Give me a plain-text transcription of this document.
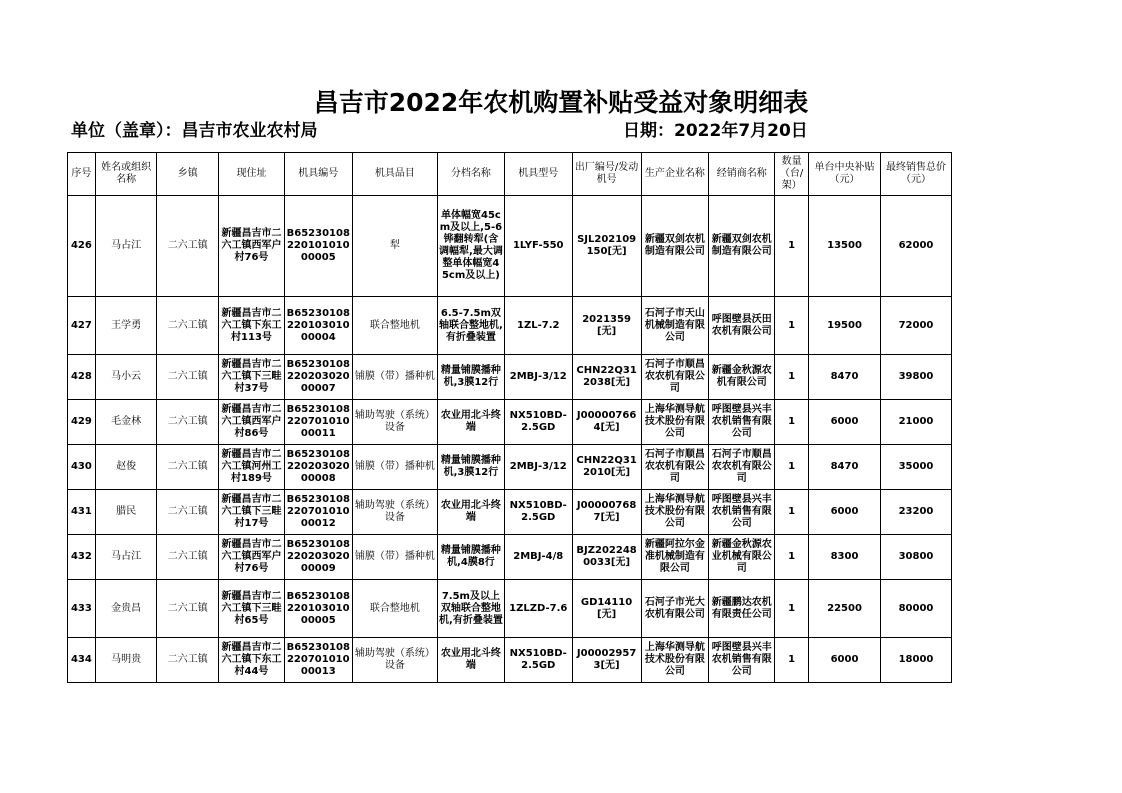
昌吉市2022年农机购置补贴受益对象明细表
单位（盖章）：昌吉市农业农村局	日期：2022年7月20日
序号	姓名或组织名称	乡镇	现住址	机具编号	机具品目	分档名称	机具型号	出厂编号/发动机号	生产企业名称	经销商名称	数量（台/架）	单台中央补贴（元）	最终销售总价（元）
426	马占江	二六工镇	新疆昌吉市二六工镇西军户村76号	B6523010822010101000005	犁	单体幅宽45cm及以上,5-6铧翻转犁(含调幅犁,最大调整单体幅宽45cm及以上)	1LYF-550	SJL202109150[无]	新疆双剑农机制造有限公司	新疆双剑农机制造有限公司	1	13500	62000
427	王学勇	二六工镇	新疆昌吉市二六工镇下东工村113号	B6523010822010301000004	联合整地机	6.5-7.5m双轴联合整地机,有折叠装置	1ZL-7.2	2021359[无]	石河子市天山机械制造有限公司	呼图壁县沃田农机有限公司	1	19500	72000
428	马小云	二六工镇	新疆昌吉市二六工镇下三畦村37号	B6523010822020302000007	铺膜（带）播种机	精量铺膜播种机,3膜12行	2MBJ-3/12	CHN22Q312038[无]	石河子市顺昌农农机有限公司	新疆金秋源农机有限公司	1	8470	39800
429	毛金林	二六工镇	新疆昌吉市二六工镇西军户村86号	B6523010822070101000011	辅助驾驶（系统）设备	农业用北斗终端	NX510BD-2.5GD	J000007664[无]	上海华测导航技术股份有限公司	呼图壁县兴丰农机销售有限公司	1	6000	21000
430	赵俊	二六工镇	新疆昌吉市二六工镇河州工村189号	B6523010822020302000008	铺膜（带）播种机	精量铺膜播种机,3膜12行	2MBJ-3/12	CHN22Q312010[无]	石河子市顺昌农农机有限公司	石河子市顺昌农农机有限公司	1	8470	35000
431	腊民	二六工镇	新疆昌吉市二六工镇下三畦村17号	B6523010822070101000012	辅助驾驶（系统）设备	农业用北斗终端	NX510BD-2.5GD	J000007687[无]	上海华测导航技术股份有限公司	呼图壁县兴丰农机销售有限公司	1	6000	23200
432	马占江	二六工镇	新疆昌吉市二六工镇西军户村76号	B6523010822020302000009	铺膜（带）播种机	精量铺膜播种机,4膜8行	2MBJ-4/8	BJZ2022480033[无]	新疆阿拉尔金准机械制造有限公司	新疆金秋源农业机械有限公司	1	8300	30800
433	金贵昌	二六工镇	新疆昌吉市二六工镇下三畦村65号	B6523010822010301000005	联合整地机	7.5m及以上双轴联合整地机,有折叠装置	1ZLZD-7.6	GD14110[无]	石河子市光大农机有限公司	新疆鹏达农机有限责任公司	1	22500	80000
434	马明贵	二六工镇	新疆昌吉市二六工镇下东工村44号	B6523010822070101000013	辅助驾驶（系统）设备	农业用北斗终端	NX510BD-2.5GD	J000029573[无]	上海华测导航技术股份有限公司	呼图壁县兴丰农机销售有限公司	1	6000	18000
